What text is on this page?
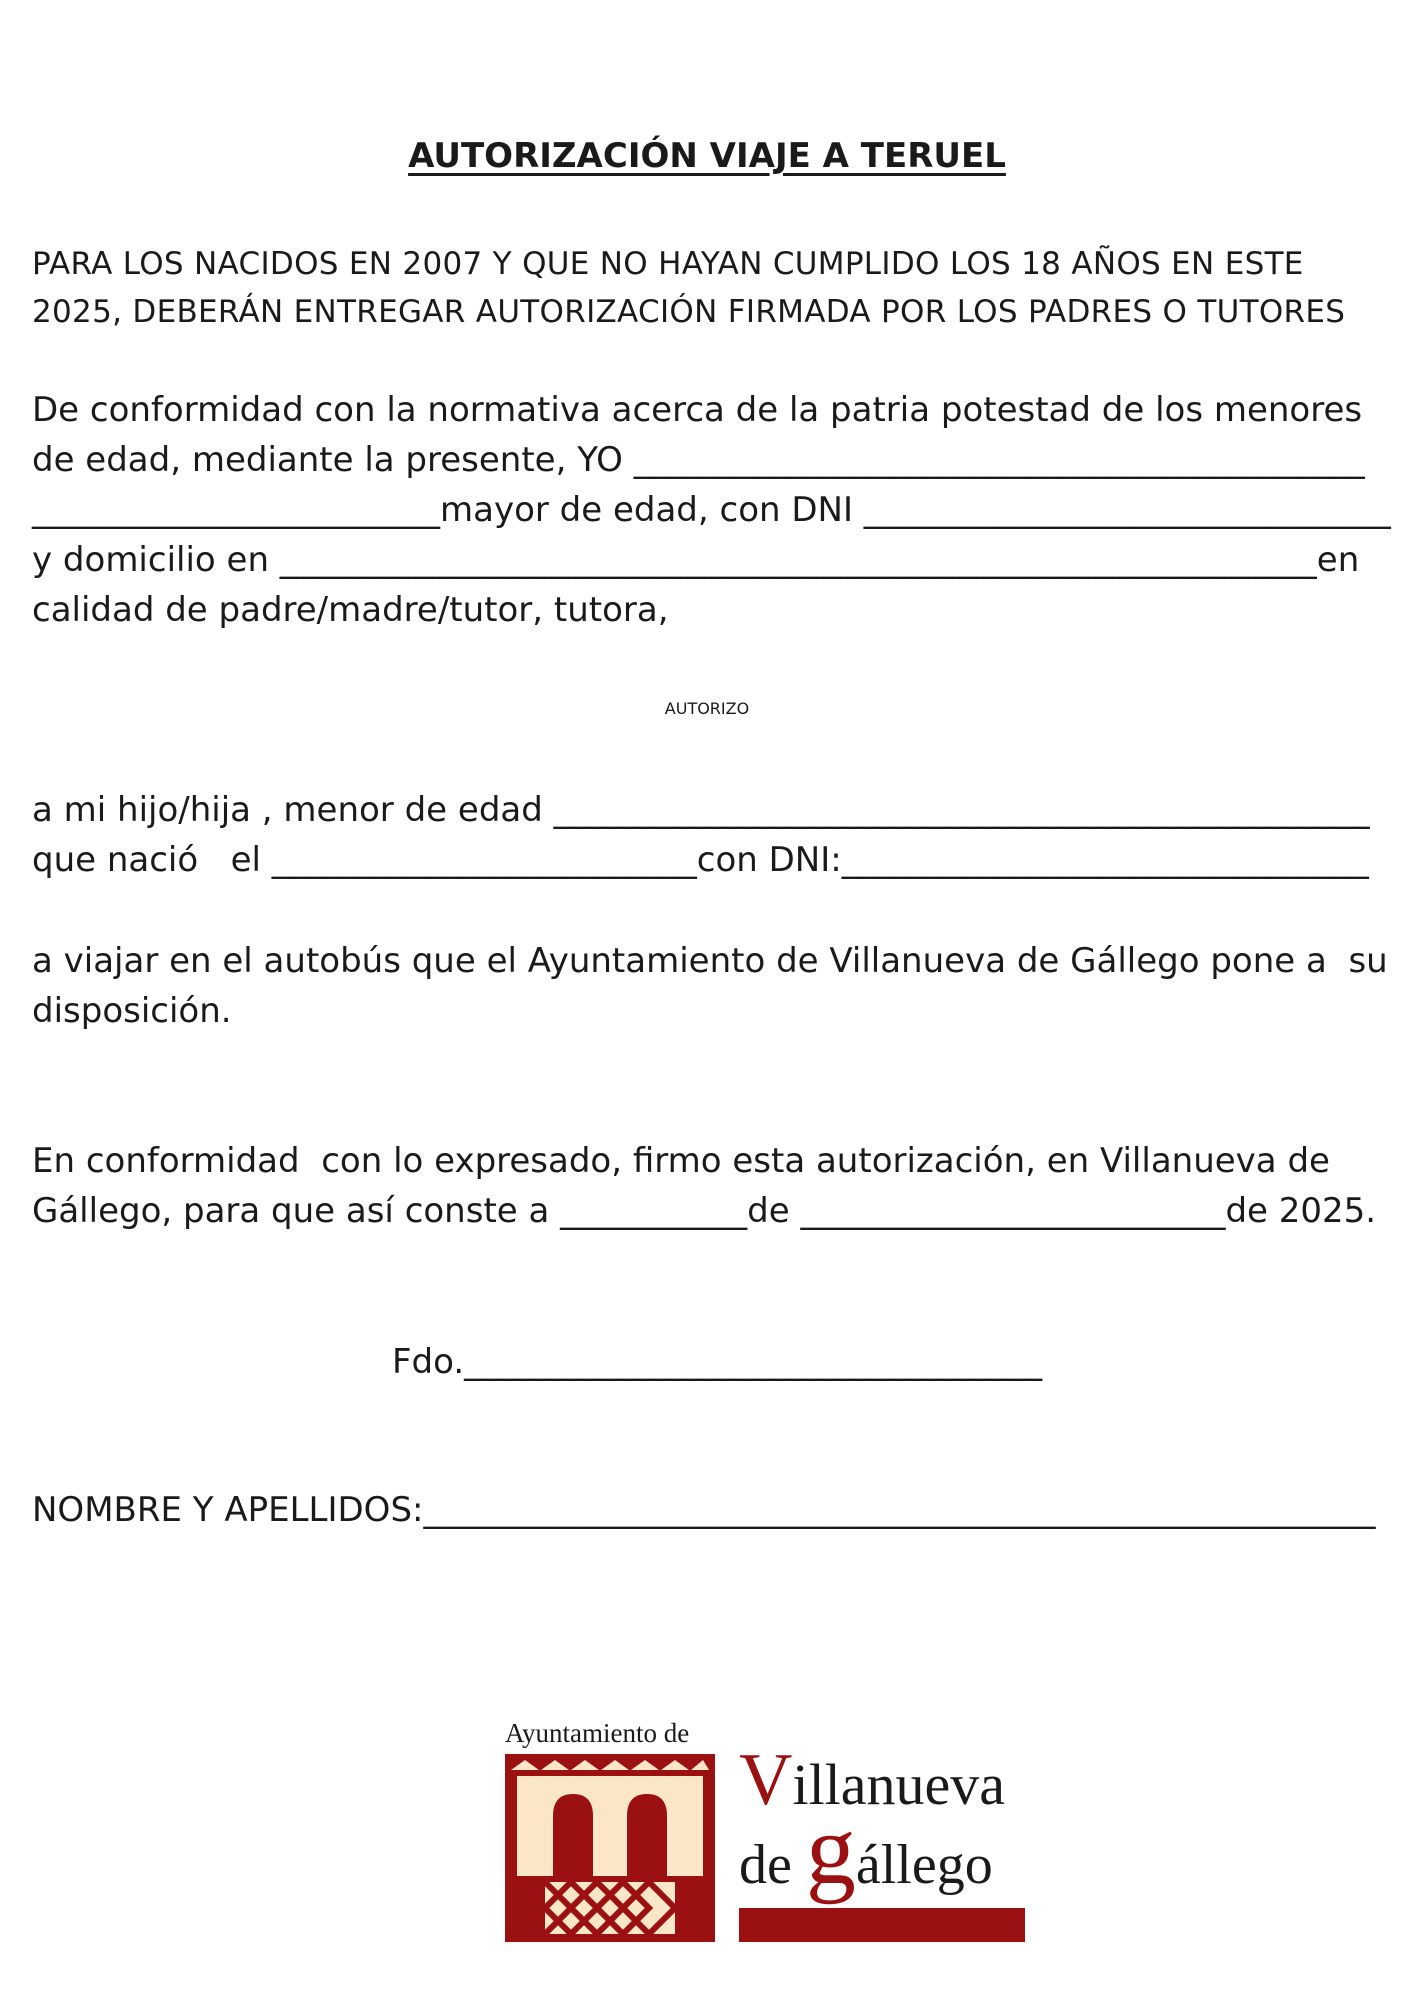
AUTORIZACIÓN VIAJE A TERUEL

PARA LOS NACIDOS EN 2007 Y QUE NO HAYAN CUMPLIDO LOS 18 AÑOS EN ESTE

2025, DEBERÁN ENTREGAR AUTORIZACIÓN FIRMADA POR LOS PADRES O TUTORES

De conformidad con la normativa acerca de la patria potestad de los menores

de edad, mediante la presente, YO ___________________________________________

________________________mayor de edad, con DNI _______________________________

y domicilio en _____________________________________________________________en

calidad de padre/madre/tutor, tutora,

AUTORIZO

a mi hijo/hija , menor de edad ________________________________________________

que nació   el _________________________con DNI:_______________________________

a viajar en el autobús que el Ayuntamiento de Villanueva de Gállego pone a  su

disposición.

En conformidad  con lo expresado, firmo esta autorización, en Villanueva de

Gállego, para que así conste a ___________de _________________________de 2025.

Fdo.__________________________________

NOMBRE Y APELLIDOS:________________________________________________________

Ayuntamiento de
Villanueva
de gállego
